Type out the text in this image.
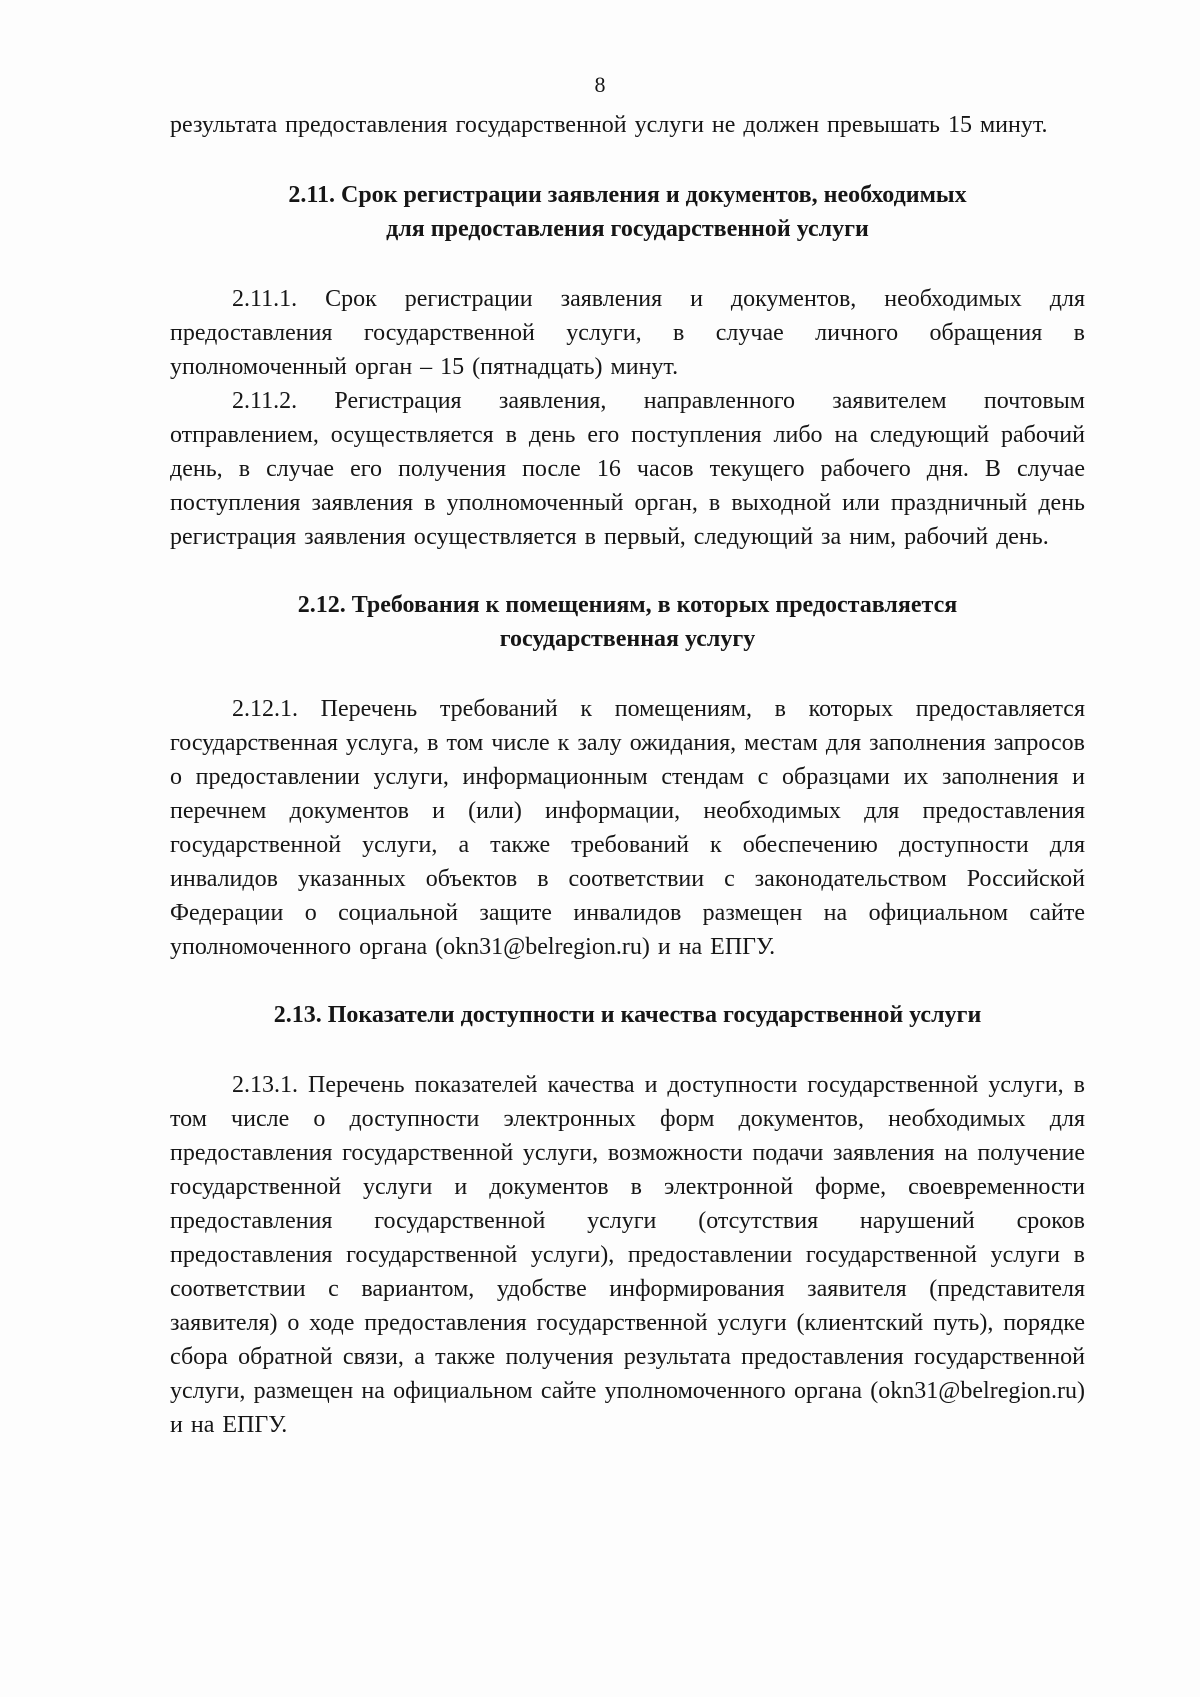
8

результата предоставления государственной услуги не должен превышать 15 минут.

2.11. Срок регистрации заявления и документов, необходимых
для предоставления государственной услуги

2.11.1. Срок регистрации заявления и документов, необходимых для предоставления государственной услуги, в случае личного обращения в уполномоченный орган – 15 (пятнадцать) минут.

2.11.2. Регистрация заявления, направленного заявителем почтовым отправлением, осуществляется в день его поступления либо на следующий рабочий день, в случае его получения после 16 часов текущего рабочего дня. В случае поступления заявления в уполномоченный орган, в выходной или праздничный день регистрация заявления осуществляется в первый, следующий за ним, рабочий день.

2.12. Требования к помещениям, в которых предоставляется
государственная услугу

2.12.1. Перечень требований к помещениям, в которых предоставляется государственная услуга, в том числе к залу ожидания, местам для заполнения запросов о предоставлении услуги, информационным стендам с образцами их заполнения и перечнем документов и (или) информации, необходимых для предоставления государственной услуги, а также требований к обеспечению доступности для инвалидов указанных объектов в соответствии с законодательством Российской Федерации о социальной защите инвалидов размещен на официальном сайте уполномоченного органа (okn31@belregion.ru) и на ЕПГУ.

2.13. Показатели доступности и качества государственной услуги

2.13.1. Перечень показателей качества и доступности государственной услуги, в том числе о доступности электронных форм документов, необходимых для предоставления государственной услуги, возможности подачи заявления на получение государственной услуги и документов в электронной форме, своевременности предоставления государственной услуги (отсутствия нарушений сроков предоставления государственной услуги), предоставлении государственной услуги в соответствии с вариантом, удобстве информирования заявителя (представителя заявителя) о ходе предоставления государственной услуги (клиентский путь), порядке сбора обратной связи, а также получения результата предоставления государственной услуги, размещен на официальном сайте уполномоченного органа (okn31@belregion.ru) и на ЕПГУ.
